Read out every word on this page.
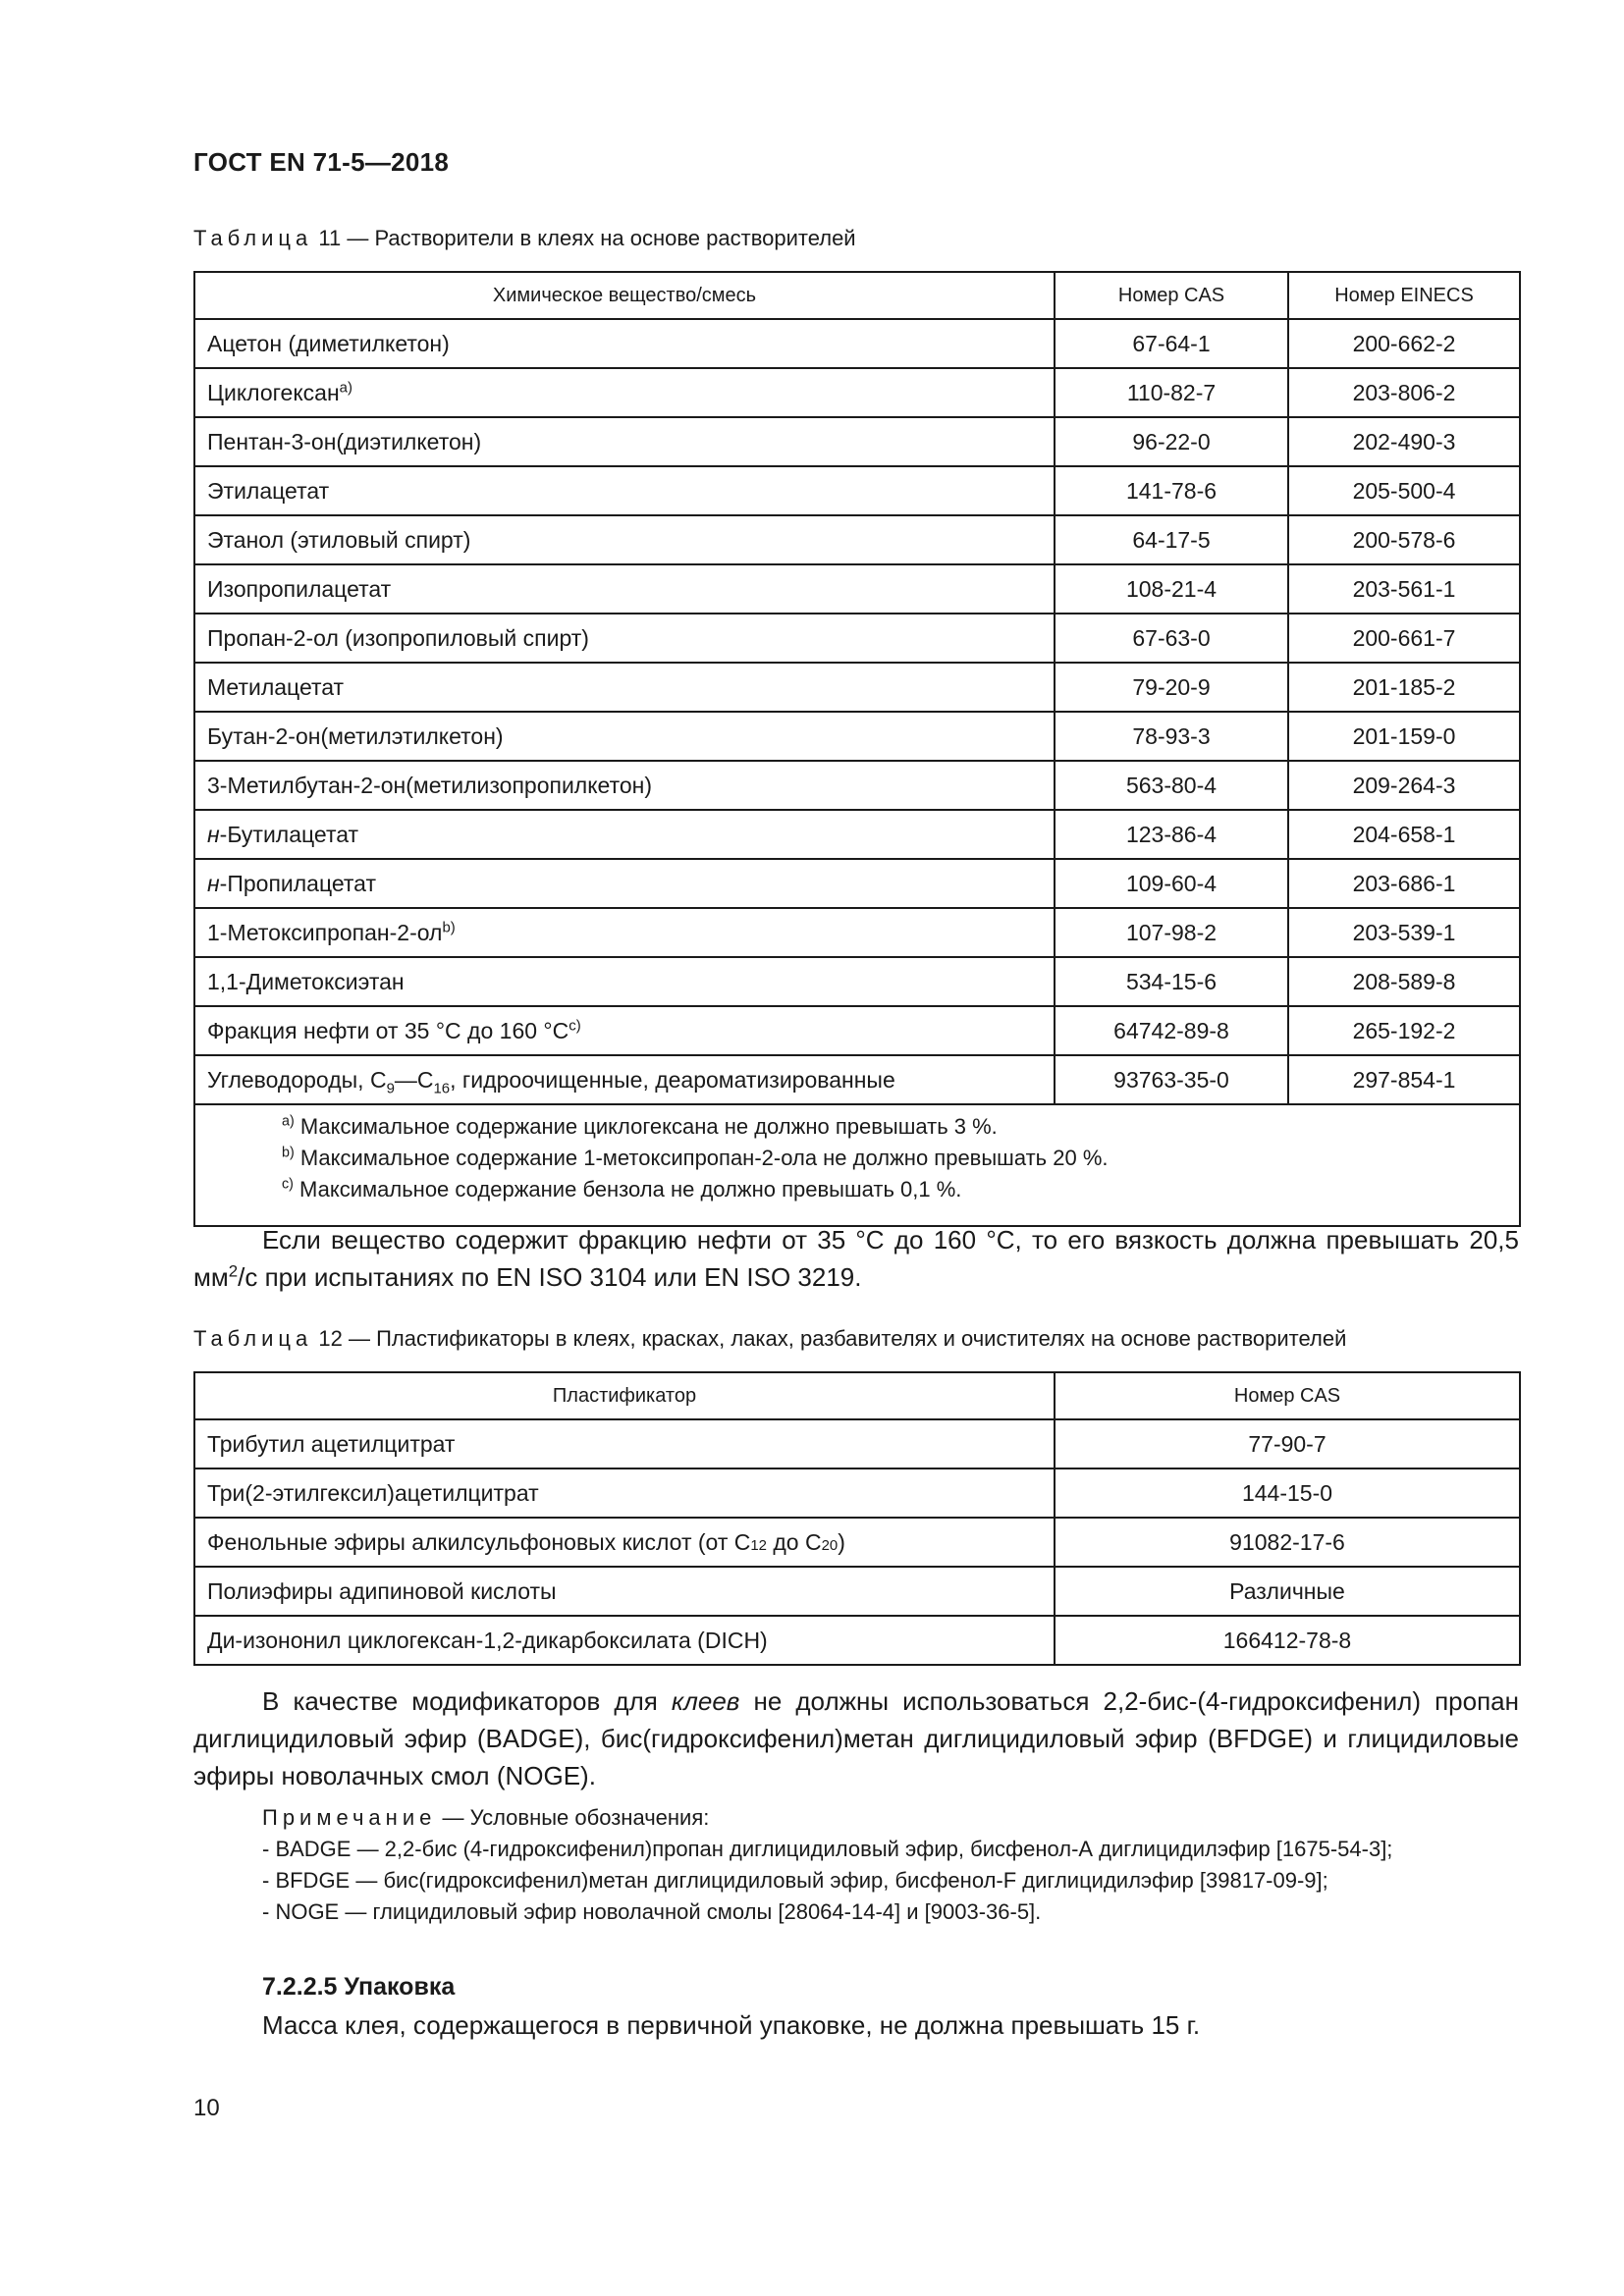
ГОСТ EN 71-5—2018
Таблица 11 — Растворители в клеях на основе растворителей
Химическое вещество/смесь	Номер CAS	Номер EINECS
Ацетон (диметилкетон)	67-64-1	200-662-2
Циклогексан$^{а)}$	110-82-7	203-806-2
Пентан-3-он(диэтилкетон)	96-22-0	202-490-3
Этилацетат	141-78-6	205-500-4
Этанол (этиловый спирт)	64-17-5	200-578-6
Изопропилацетат	108-21-4	203-561-1
Пропан-2-ол (изопропиловый спирт)	67-63-0	200-661-7
Метилацетат	79-20-9	201-185-2
Бутан-2-он(метилэтилкетон)	78-93-3	201-159-0
3-Метилбутан-2-он(метилизопропилкетон)	563-80-4	209-264-3
н-Бутилацетат	123-86-4	204-658-1
н-Пропилацетат	109-60-4	203-686-1
$1-Метоксипропан-2-ол^{b)}$	107-98-2	203-539-1
1,1-Диметоксиэтан	534-15-6	208-589-8
Фракция нефти от 35 °С до 160 $^\circ С^{c)}$	64742-89-8	265-192-2
Углеводороды, $С_9—С_{16}$, гидроочищенные, деароматизированные	93763-35-0	297-854-1

$^{а)}$ Максимальное содержание циклогексана не должно превышать 3 %.
$^{b)}$ Максимальное содержание 1-метоксипропан-2-ола не должно превышать 20 %.
$^{c)}$ Максимальное содержание бензола не должно превышать 0,1 %.		

Если вещество содержит фракцию нефти от 35 °С до 160 °С, то его вязкость должна превышать 20,5 $мм^2/с$ при испытаниях по EN ISO 3104 или EN ISO 3219.

Таблица 12 — Пластификаторы в клеях, красках, лаках, разбавителях и очистителях на основе растворителей
Пластификатор	Номер CAS
Трибутил ацетилцитрат	77-90-7
Три(2-этилгексил)ацетилцитрат	144-15-0
Фенольные эфиры алкилсульфоновых кислот (от С12 до С20)	91082-17-6
Полиэфиры адипиновой кислоты	Различные
Ди-изононил циклогексан-1,2-дикарбоксилата (DICH)	166412-78-8

В качестве модификаторов для клеев не должны использоваться 2,2-бис-(4-гидроксифенил) пропан диглицидиловый эфир (BADGE), бис(гидроксифенил)метан диглицидиловый эфир (BFDGE) и глицидиловые эфиры новолачных смол (NOGE).

Примечание — Условные обозначения:
- BADGE — 2,2-бис (4-гидроксифенил)пропан диглицидиловый эфир, бисфенол-А диглицидилэфир [1675-54-3];
- BFDGE — бис(гидроксифенил)метан диглицидиловый эфир, бисфенол-F диглицидилэфир [39817-09-9];
- NOGE — глицидиловый эфир новолачной смолы [28064-14-4] и [9003-36-5].
7.2.2.5 Упаковка
Масса клея, содержащегося в первичной упаковке, не должна превышать 15 г.
10
